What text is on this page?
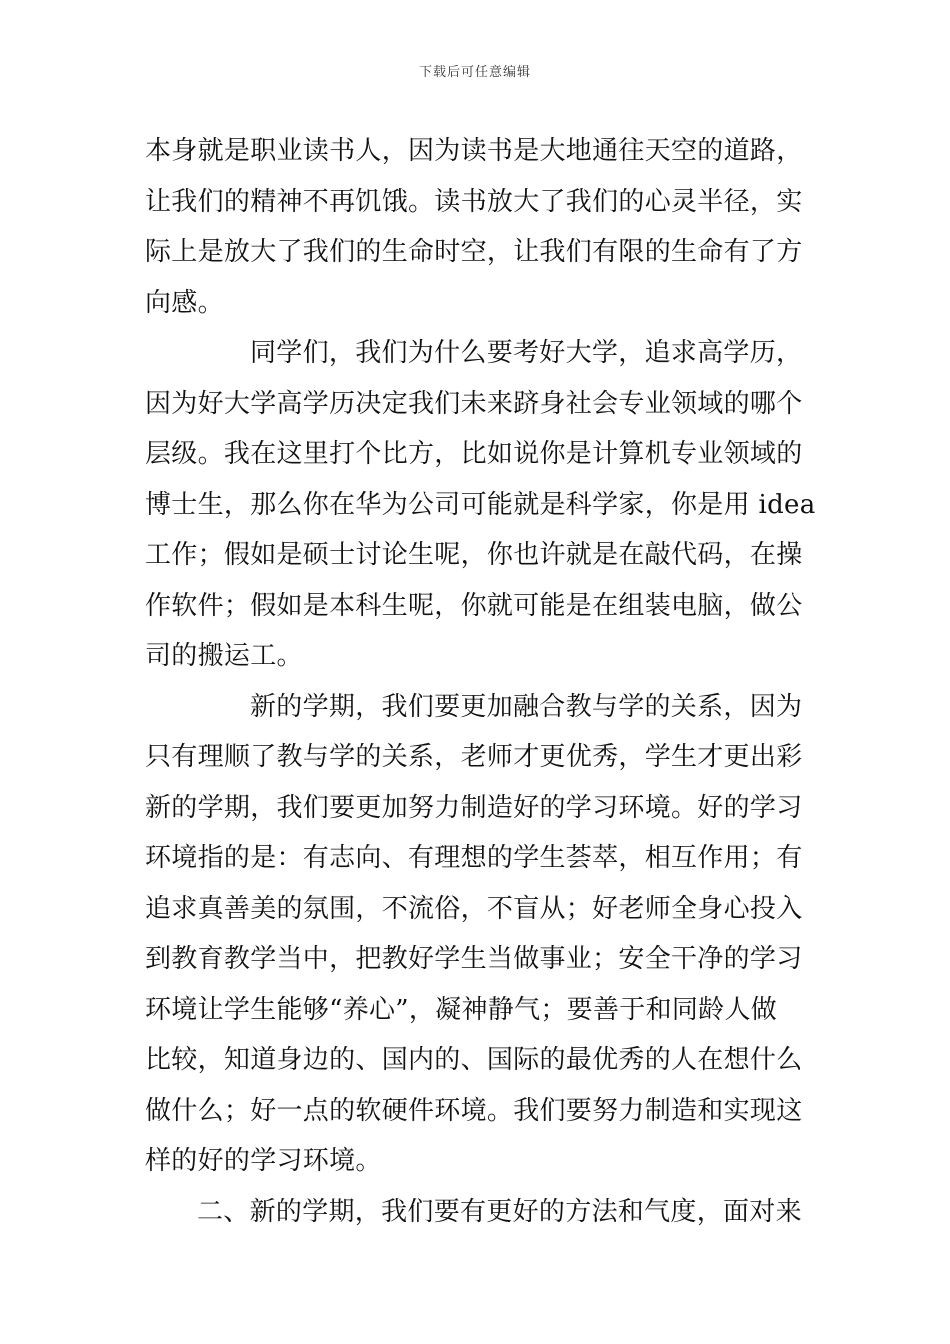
下载后可任意编辑
本身就是职业读书人，因为读书是大地通往天空的道路，
让我们的精神不再饥饿。读书放大了我们的心灵半径，实
际上是放大了我们的生命时空，让我们有限的生命有了方
向感。
同学们，我们为什么要考好大学，追求高学历，
因为好大学高学历决定我们未来跻身社会专业领域的哪个
层级。我在这里打个比方，比如说你是计算机专业领域的
博士生，那么你在华为公司可能就是科学家，你是用 idea
工作；假如是硕士讨论生呢，你也许就是在敲代码，在操
作软件；假如是本科生呢，你就可能是在组装电脑，做公
司的搬运工。
新的学期，我们要更加融合教与学的关系，因为
只有理顺了教与学的关系，老师才更优秀，学生才更出彩
新的学期，我们要更加努力制造好的学习环境。好的学习
环境指的是：有志向、有理想的学生荟萃，相互作用；有
追求真善美的氛围，不流俗，不盲从；好老师全身心投入
到教育教学当中，把教好学生当做事业；安全干净的学习
环境让学生能够“养心”，凝神静气；要善于和同龄人做
比较，知道身边的、国内的、国际的最优秀的人在想什么
做什么；好一点的软硬件环境。我们要努力制造和实现这
样的好的学习环境。
二、新的学期，我们要有更好的方法和气度，面对来
